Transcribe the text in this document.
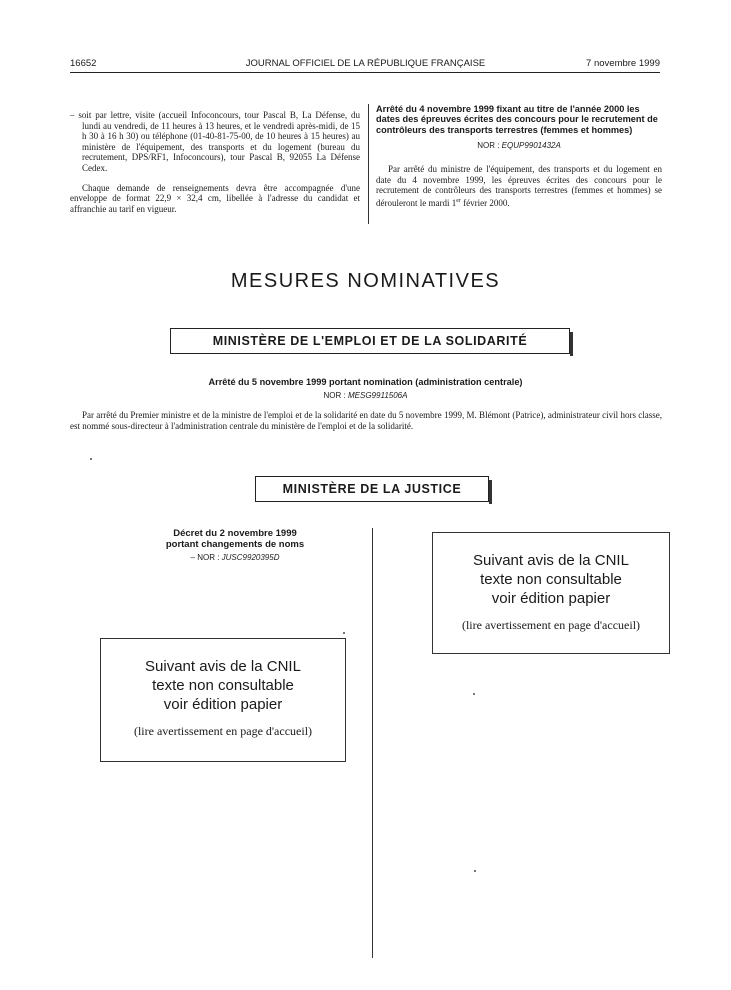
16652	JOURNAL OFFICIEL DE LA RÉPUBLIQUE FRANÇAISE	7 novembre 1999

– soit par lettre, visite (accueil Infoconcours, tour Pascal B, La Défense, du lundi au vendredi, de 11 heures à 13 heures, et le vendredi après-midi, de 15 h 30 à 16 h 30) ou téléphone (01-40-81-75-00, de 10 heures à 15 heures) au ministère de l'équipement, des transports et du logement (bureau du recrutement, DPS/RF1, Infoconcours), tour Pascal B, 92055 La Défense Cedex.

Chaque demande de renseignements devra être accompagnée d'une enveloppe de format 22,9 × 32,4 cm, libellée à l'adresse du candidat et affranchie au tarif en vigueur.

Arrêté du 4 novembre 1999 fixant au titre de l'année 2000 les dates des épreuves écrites des concours pour le recrutement de contrôleurs des transports terrestres (femmes et hommes)
NOR : EQUP9901432A
Par arrêté du ministre de l'équipement, des transports et du logement en date du 4 novembre 1999, les épreuves écrites des concours pour le recrutement de contrôleurs des transports terrestres (femmes et hommes) se dérouleront le mardi 1er février 2000.
MESURES NOMINATIVES
MINISTÈRE DE L'EMPLOI ET DE LA SOLIDARITÉ
Arrêté du 5 novembre 1999 portant nomination (administration centrale)
NOR : MESG9911506A
Par arrêté du Premier ministre et de la ministre de l'emploi et de la solidarité en date du 5 novembre 1999, M. Blémont (Patrice), administrateur civil hors classe, est nommé sous-directeur à l'administration centrale du ministère de l'emploi et de la solidarité.
MINISTÈRE DE LA JUSTICE
Décret du 2 novembre 1999
portant changements de noms
– NOR : JUSC9920395D
Suivant avis de la CNIL
texte non consultable
voir édition papier
(lire avertissement en page d'accueil)
Suivant avis de la CNIL
texte non consultable
voir édition papier
(lire avertissement en page d'accueil)
